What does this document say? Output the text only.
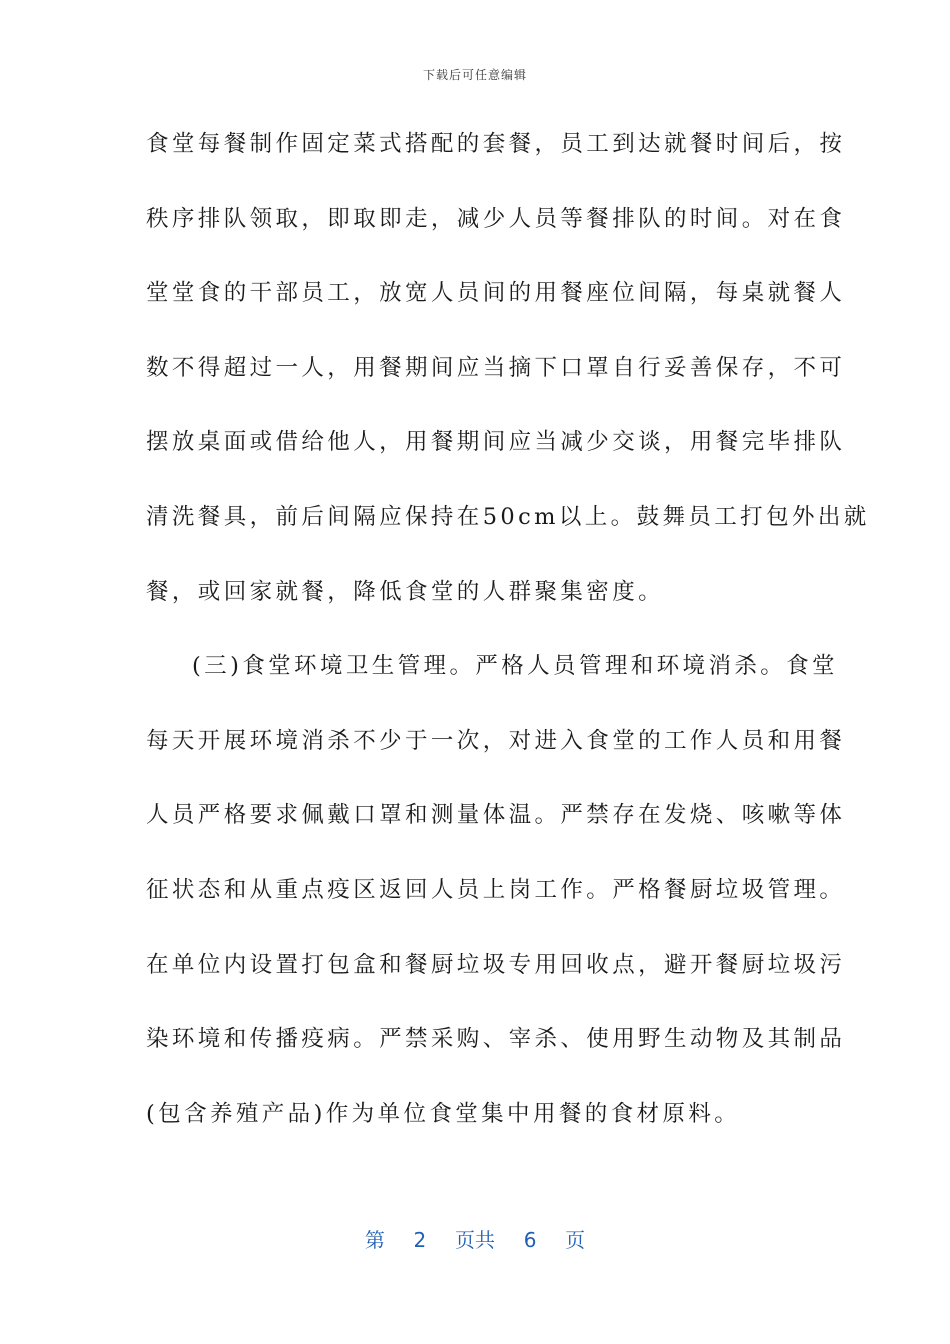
下载后可任意编辑
食堂每餐制作固定菜式搭配的套餐，员工到达就餐时间后，按
秩序排队领取，即取即走，减少人员等餐排队的时间。对在食
堂堂食的干部员工，放宽人员间的用餐座位间隔，每桌就餐人
数不得超过一人，用餐期间应当摘下口罩自行妥善保存，不可
摆放桌面或借给他人，用餐期间应当减少交谈，用餐完毕排队
清洗餐具，前后间隔应保持在50cm以上。鼓舞员工打包外出就
餐，或回家就餐，降低食堂的人群聚集密度。
(三)食堂环境卫生管理。严格人员管理和环境消杀。食堂
每天开展环境消杀不少于一次，对进入食堂的工作人员和用餐
人员严格要求佩戴口罩和测量体温。严禁存在发烧、咳嗽等体
征状态和从重点疫区返回人员上岗工作。严格餐厨垃圾管理。
在单位内设置打包盒和餐厨垃圾专用回收点，避开餐厨垃圾污
染环境和传播疫病。严禁采购、宰杀、使用野生动物及其制品
(包含养殖产品)作为单位食堂集中用餐的食材原料。
第  2  页共  6  页
